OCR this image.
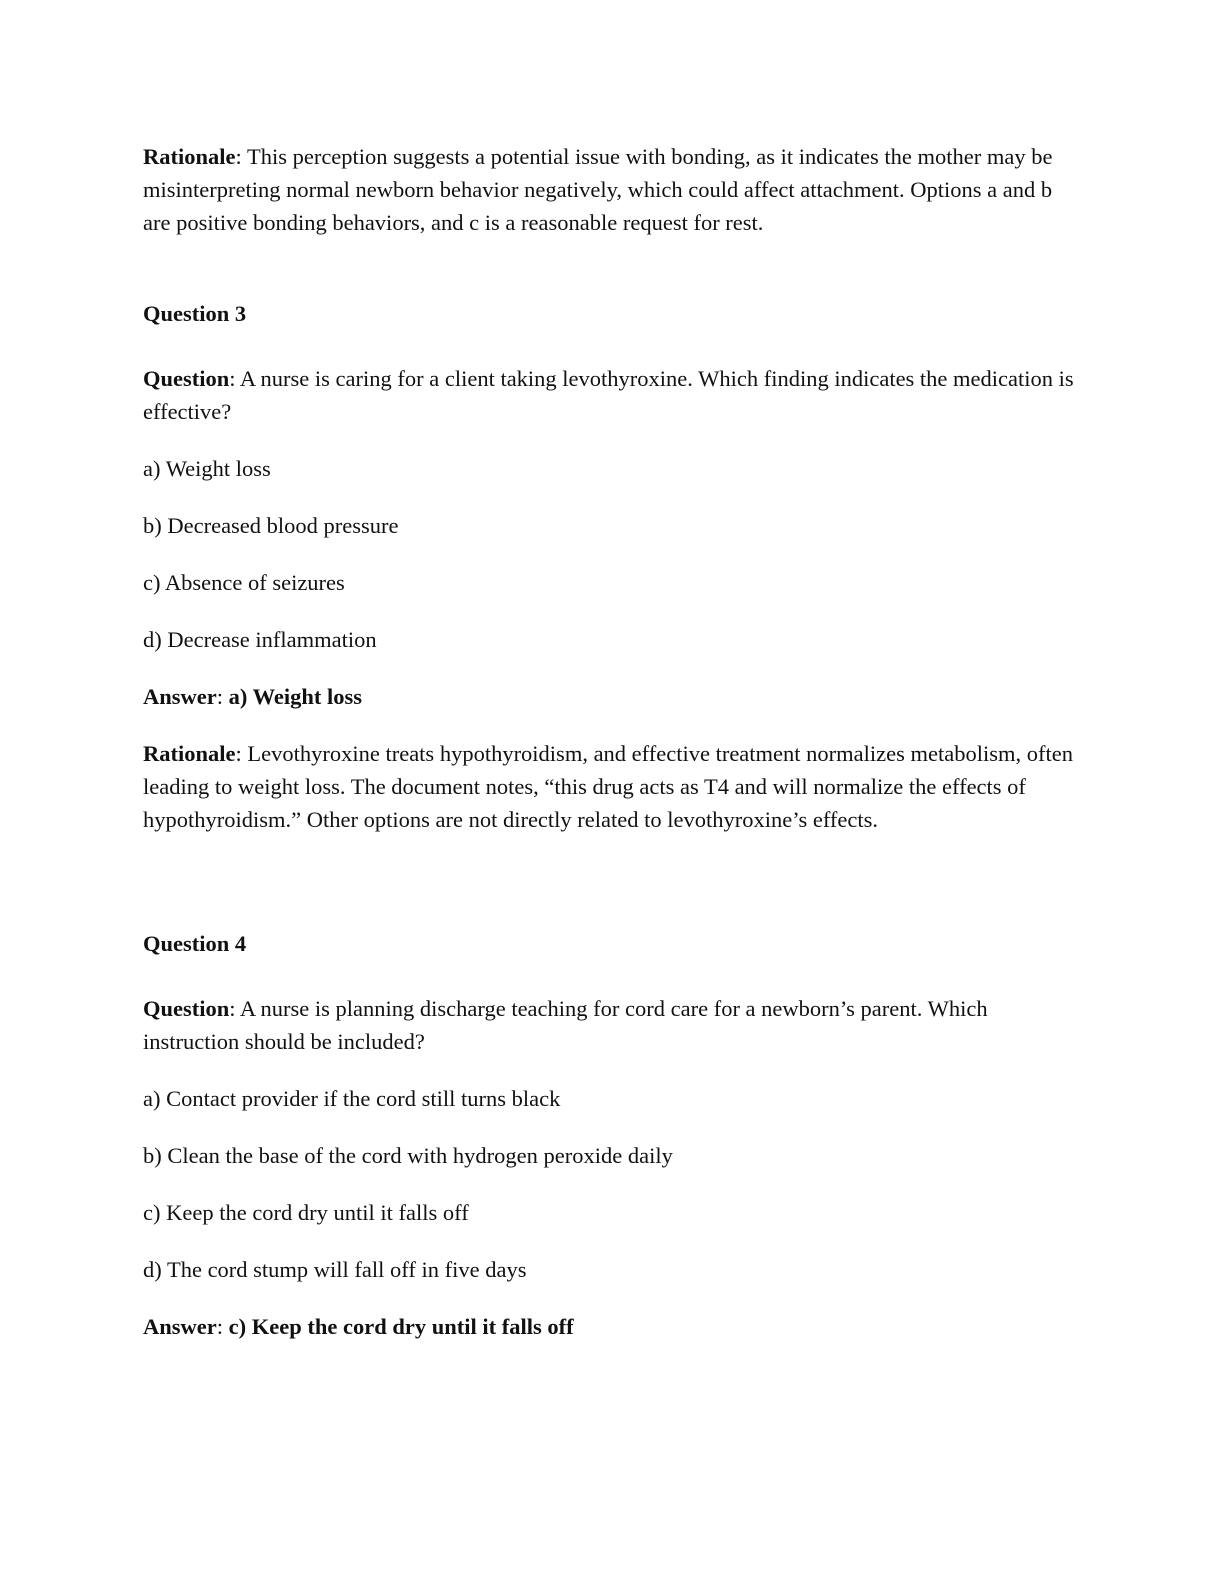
Rationale: This perception suggests a potential issue with bonding, as it indicates the mother may be misinterpreting normal newborn behavior negatively, which could affect attachment. Options a and b are positive bonding behaviors, and c is a reasonable request for rest.

Question 3

Question: A nurse is caring for a client taking levothyroxine. Which finding indicates the medication is effective?

a) Weight loss

b) Decreased blood pressure

c) Absence of seizures

d) Decrease inflammation

Answer: a) Weight loss

Rationale: Levothyroxine treats hypothyroidism, and effective treatment normalizes metabolism, often leading to weight loss. The document notes, “this drug acts as T4 and will normalize the effects of hypothyroidism.” Other options are not directly related to levothyroxine’s effects.

Question 4

Question: A nurse is planning discharge teaching for cord care for a newborn’s parent. Which instruction should be included?

a) Contact provider if the cord still turns black

b) Clean the base of the cord with hydrogen peroxide daily

c) Keep the cord dry until it falls off

d) The cord stump will fall off in five days

Answer: c) Keep the cord dry until it falls off
